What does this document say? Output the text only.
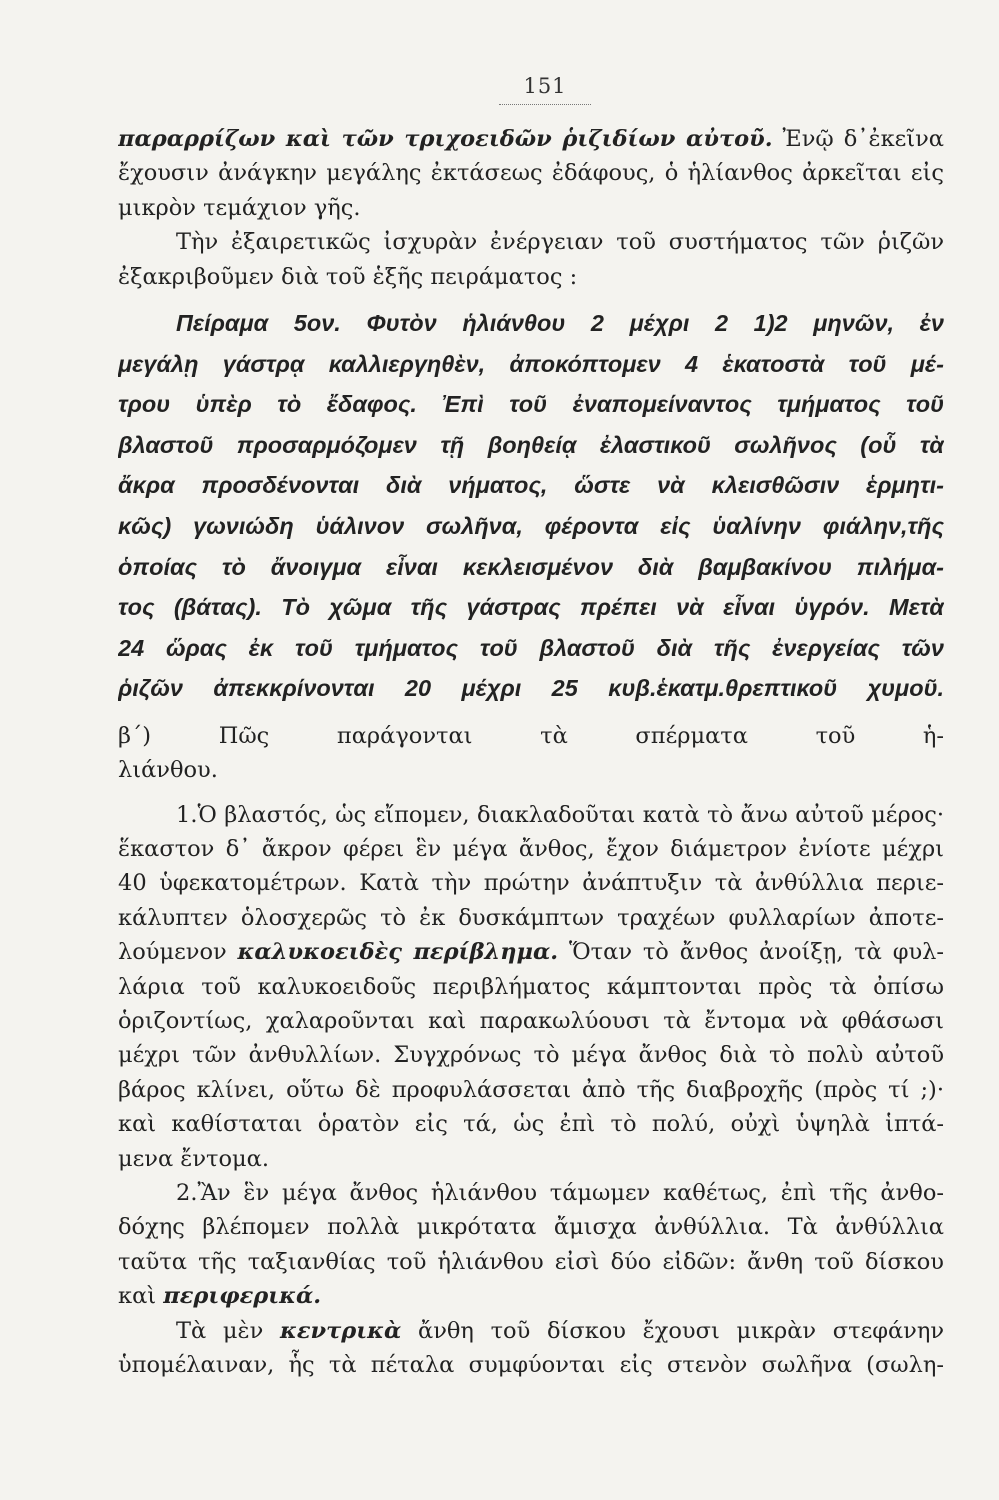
151
παραρρίζων καὶ τῶν τριχοειδῶν ῥιζιδίων αὐτοῦ. Ἐνῷ δ᾿ἐκεῖνα
ἔχουσιν ἀνάγκην μεγάλης ἐκτάσεως ἐδάφους, ὁ ἡλίανθος ἀρκεῖται εἰς
μικρὸν τεμάχιον γῆς.
Τὴν ἐξαιρετικῶς ἰσχυρὰν ἐνέργειαν τοῦ συστήματος τῶν ῥιζῶν
ἐξακριβοῦμεν διὰ τοῦ ἑξῆς πειράματος :
Πείραμα 5ον. Φυτὸν ἡλιάνθου 2 μέχρι 2 1)2 μηνῶν, ἐν
μεγάλῃ γάστρᾳ καλλιεργηθὲν, ἀποκόπτομεν 4 ἑκατοστὰ τοῦ μέ-
τρου ὑπὲρ τὸ ἔδαφος. Ἐπὶ τοῦ ἐναπομείναντος τμήματος τοῦ
βλαστοῦ προσαρμόζομεν τῇ βοηθείᾳ ἐλαστικοῦ σωλῆνος (οὗ τὰ
ἄκρα προσδένονται διὰ νήματος, ὥστε νὰ κλεισθῶσιν ἑρμητι-
κῶς) γωνιώδη ὑάλινον σωλῆνα, φέροντα εἰς ὑαλίνην φιάλην,τῆς
ὁποίας τὸ ἄνοιγμα εἶναι κεκλεισμένον διὰ βαμβακίνου πιλήμα-
τος (βάτας). Τὸ χῶμα τῆς γάστρας πρέπει νὰ εἶναι ὑγρόν. Μετὰ
24 ὥρας ἐκ τοῦ τμήματος τοῦ βλαστοῦ διὰ τῆς ἐνεργείας τῶν
ῥιζῶν ἀπεκκρίνονται 20 μέχρι 25 κυβ.ἑκατμ.θρεπτικοῦ χυμοῦ.
β΄) Πῶς παράγονται τὰ σπέρματα τοῦ ἡ-
λιάνθου.
1.Ὁ βλαστός, ὡς εἴπομεν, διακλαδοῦται κατὰ τὸ ἄνω αὐτοῦ μέρος·
ἕκαστον δ᾿ ἄκρον φέρει ἓν μέγα ἄνθος, ἔχον διάμετρον ἐνίοτε μέχρι
40 ὑφεκατομέτρων. Κατὰ τὴν πρώτην ἀνάπτυξιν τὰ ἀνθύλλια περιε-
κάλυπτεν ὁλοσχερῶς τὸ ἐκ δυσκάμπτων τραχέων φυλλαρίων ἀποτε-
λούμενον καλυκοειδὲς περίβλημα. Ὅταν τὸ ἄνθος ἀνοίξῃ, τὰ φυλ-
λάρια τοῦ καλυκοειδοῦς περιβλήματος κάμπτονται πρὸς τὰ ὀπίσω
ὁριζοντίως, χαλαροῦνται καὶ παρακωλύουσι τὰ ἔντομα νὰ φθάσωσι
μέχρι τῶν ἀνθυλλίων. Συγχρόνως τὸ μέγα ἄνθος διὰ τὸ πολὺ αὐτοῦ
βάρος κλίνει, οὕτω δὲ προφυλάσσεται ἀπὸ τῆς διαβροχῆς (πρὸς τί ;)·
καὶ καθίσταται ὁρατὸν εἰς τά, ὡς ἐπὶ τὸ πολύ, οὐχὶ ὑψηλὰ ἱπτά-
μενα ἔντομα.
2.Ἂν ἓν μέγα ἄνθος ἡλιάνθου τάμωμεν καθέτως, ἐπὶ τῆς ἀνθο-
δόχης βλέπομεν πολλὰ μικρότατα ἄμισχα ἀνθύλλια. Τὰ ἀνθύλλια
ταῦτα τῆς ταξιανθίας τοῦ ἡλιάνθου εἰσὶ δύο εἰδῶν: ἄνθη τοῦ δίσκου
καὶ περιφερικά.
Τὰ μὲν κεντρικὰ ἄνθη τοῦ δίσκου ἔχουσι μικρὰν στεφάνην
ὑπομέλαιναν, ἧς τὰ πέταλα συμφύονται εἰς στενὸν σωλῆνα (σωλη-
